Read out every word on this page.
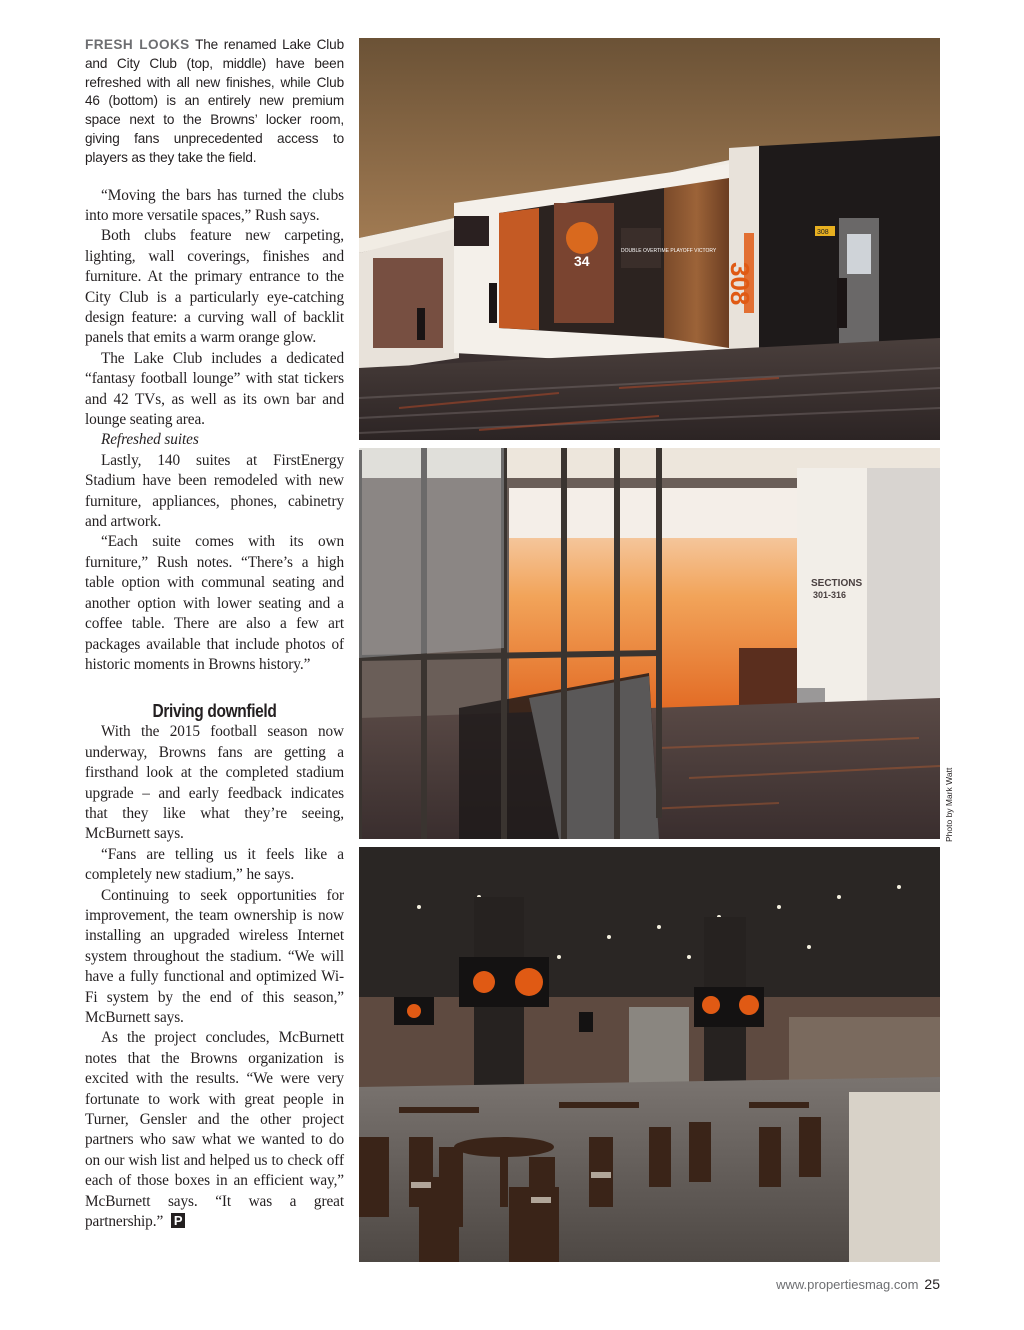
FRESH LOOKS The renamed Lake Club and City Club (top, middle) have been refreshed with all new finishes, while Club 46 (bottom) is an entirely new premium space next to the Browns’ locker room, giving fans unprecedented access to players as they take the field.

“Moving the bars has turned the clubs into more versatile spaces,” Rush says.

Both clubs feature new carpeting, lighting, wall coverings, finishes and furniture. At the primary entrance to the City Club is a particularly eye-catching design feature: a curving wall of backlit panels that emits a warm orange glow.

The Lake Club includes a dedicated “fantasy football lounge” with stat tickers and 42 TVs, as well as its own bar and lounge seating area.

Refreshed suites

Lastly, 140 suites at FirstEnergy Stadium have been remodeled with new furniture, appliances, phones, cabinetry and artwork.

“Each suite comes with its own furniture,” Rush notes. “There’s a high table option with communal seating and another option with lower seating and a coffee table. There are also a few art packages available that include photos of historic moments in Browns history.”

Driving downfield

With the 2015 football season now underway, Browns fans are getting a firsthand look at the completed stadium upgrade – and early feedback indicates that they like what they’re seeing, McBurnett says.

“Fans are telling us it feels like a completely new stadium,” he says.

Continuing to seek opportunities for improvement, the team ownership is now installing an upgraded wireless Internet system throughout the stadium. “We will have a fully functional and optimized Wi-Fi system by the end of this season,” McBurnett says.

As the project concludes, McBurnett notes that the Browns organization is excited with the results. “We were very fortunate to work with great people in Turner, Gensler and the other project partners who saw what we wanted to do on our wish list and helped us to check off each of those boxes in an efficient way,” McBurnett says. “It was a great partnership.” P

308
308
DOUBLE OVERTIME PLAYOFF VICTORY
34
SECTIONS
301-316
Photo by Mark Watt
www.propertiesmag.com 25
